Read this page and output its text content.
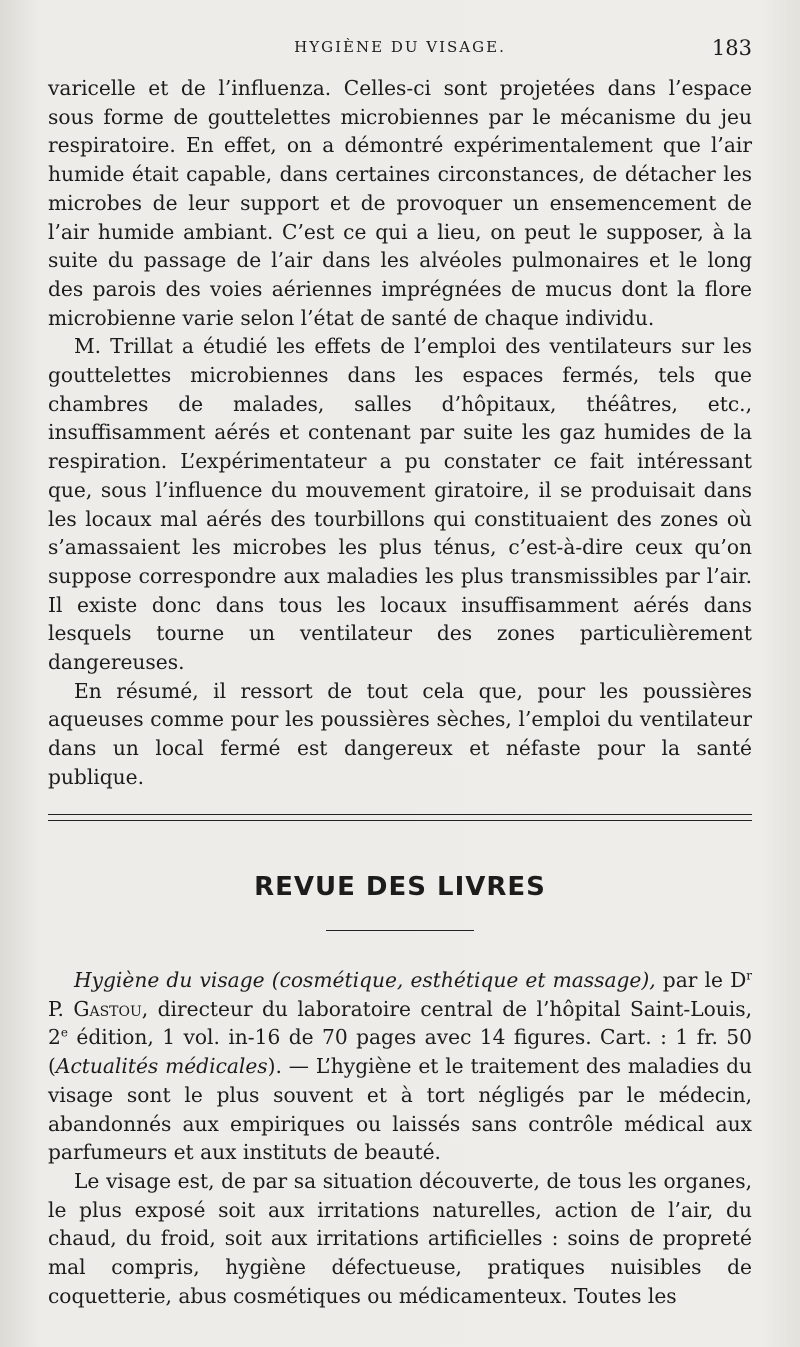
HYGIÈNE DU VISAGE.	183

varicelle et de l’influenza. Celles-ci sont projetées dans l’espace sous forme de gouttelettes microbiennes par le mécanisme du jeu respiratoire. En effet, on a démontré expérimentalement que l’air humide était capable, dans certaines circonstances, de détacher les microbes de leur support et de provoquer un ensemencement de l’air humide ambiant. C’est ce qui a lieu, on peut le supposer, à la suite du passage de l’air dans les alvéoles pulmonaires et le long des parois des voies aériennes imprégnées de mucus dont la flore microbienne varie selon l’état de santé de chaque individu.

M. Trillat a étudié les effets de l’emploi des ventilateurs sur les gouttelettes microbiennes dans les espaces fermés, tels que chambres de malades, salles d’hôpitaux, théâtres, etc., insuffisamment aérés et contenant par suite les gaz humides de la respiration. L’expérimentateur a pu constater ce fait intéressant que, sous l’influence du mouvement giratoire, il se produisait dans les locaux mal aérés des tourbillons qui constituaient des zones où s’amassaient les microbes les plus ténus, c’est-à-dire ceux qu’on suppose correspondre aux maladies les plus transmissibles par l’air. Il existe donc dans tous les locaux insuffisamment aérés dans lesquels tourne un ventilateur des zones particulièrement dangereuses.

En résumé, il ressort de tout cela que, pour les poussières aqueuses comme pour les poussières sèches, l’emploi du ventilateur dans un local fermé est dangereux et néfaste pour la santé publique.

REVUE DES LIVRES

Hygiène du visage (cosmétique, esthétique et massage), par le $D^r$ P. Gastou, directeur du laboratoire central de l’hôpital Saint-Louis, 2e édition, 1 vol. in-16 de 70 pages avec 14 figures. Cart. : 1 fr. 50 (Actualités médicales). — L’hygiène et le traitement des maladies du visage sont le plus souvent et à tort négligés par le médecin, abandonnés aux empiriques ou laissés sans contrôle médical aux parfumeurs et aux instituts de beauté.

Le visage est, de par sa situation découverte, de tous les organes, le plus exposé soit aux irritations naturelles, action de l’air, du chaud, du froid, soit aux irritations artificielles : soins de propreté mal compris, hygiène défectueuse, pratiques nuisibles de coquetterie, abus cosmétiques ou médicamenteux. Toutes les
